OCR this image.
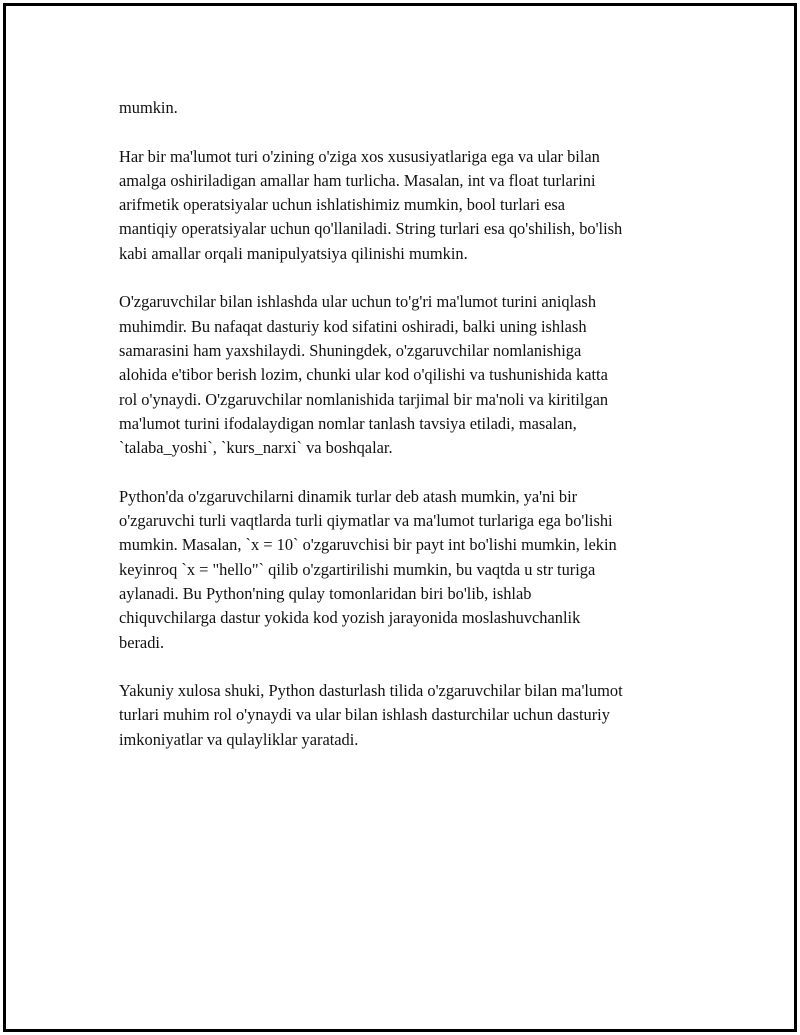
mumkin.

Har bir ma'lumot turi o'zining o'ziga xos xususiyatlariga ega va ular bilan
amalga oshiriladigan amallar ham turlicha. Masalan, int va float turlarini
arifmetik operatsiyalar uchun ishlatishimiz mumkin, bool turlari esa
mantiqiy operatsiyalar uchun qo'llaniladi. String turlari esa qo'shilish, bo'lish
kabi amallar orqali manipulyatsiya qilinishi mumkin.

O'zgaruvchilar bilan ishlashda ular uchun to'g'ri ma'lumot turini aniqlash
muhimdir. Bu nafaqat dasturiy kod sifatini oshiradi, balki uning ishlash
samarasini ham yaxshilaydi. Shuningdek, o'zgaruvchilar nomlanishiga
alohida e'tibor berish lozim, chunki ular kod o'qilishi va tushunishida katta
rol o'ynaydi. O'zgaruvchilar nomlanishida tarjimal bir ma'noli va kiritilgan
ma'lumot turini ifodalaydigan nomlar tanlash tavsiya etiladi, masalan,
`talaba_yoshi`, `kurs_narxi` va boshqalar.

Python'da o'zgaruvchilarni dinamik turlar deb atash mumkin, ya'ni bir
o'zgaruvchi turli vaqtlarda turli qiymatlar va ma'lumot turlariga ega bo'lishi
mumkin. Masalan, `x = 10` o'zgaruvchisi bir payt int bo'lishi mumkin, lekin
keyinroq `x = "hello"` qilib o'zgartirilishi mumkin, bu vaqtda u str turiga
aylanadi. Bu Python'ning qulay tomonlaridan biri bo'lib, ishlab
chiquvchilarga dastur yokida kod yozish jarayonida moslashuvchanlik
beradi.

Yakuniy xulosa shuki, Python dasturlash tilida o'zgaruvchilar bilan ma'lumot
turlari muhim rol o'ynaydi va ular bilan ishlash dasturchilar uchun dasturiy
imkoniyatlar va qulayliklar yaratadi.
